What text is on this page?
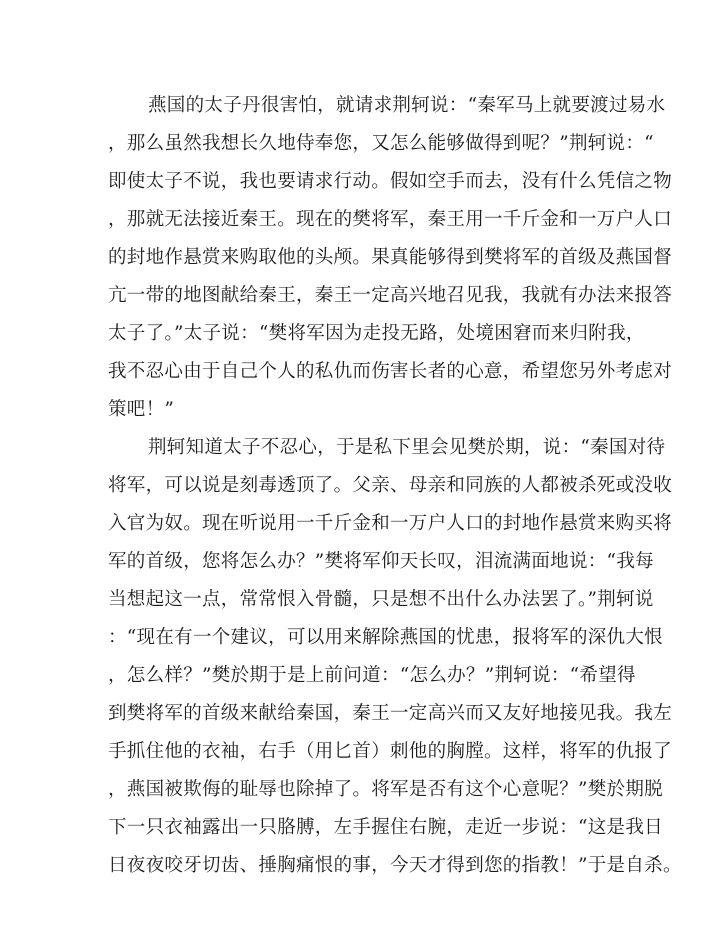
燕国的太子丹很害怕，就请求荆轲说：“秦军马上就要渡过易水
，那么虽然我想长久地侍奉您，又怎么能够做得到呢？”荆轲说：“
即使太子不说，我也要请求行动。假如空手而去，没有什么凭信之物
，那就无法接近秦王。现在的樊将军，秦王用一千斤金和一万户人口
的封地作悬赏来购取他的头颅。果真能够得到樊将军的首级及燕国督
亢一带的地图献给秦王，秦王一定高兴地召见我，我就有办法来报答
太子了。”太子说：“樊将军因为走投无路，处境困窘而来归附我，
我不忍心由于自己个人的私仇而伤害长者的心意，希望您另外考虑对
策吧！”
荆轲知道太子不忍心，于是私下里会见樊於期，说：“秦国对待
将军，可以说是刻毒透顶了。父亲、母亲和同族的人都被杀死或没收
入官为奴。现在听说用一千斤金和一万户人口的封地作悬赏来购买将
军的首级，您将怎么办？”樊将军仰天长叹，泪流满面地说：“我每
当想起这一点，常常恨入骨髓，只是想不出什么办法罢了。”荆轲说
：“现在有一个建议，可以用来解除燕国的忧患，报将军的深仇大恨
，怎么样？”樊於期于是上前问道：“怎么办？”荆轲说：“希望得
到樊将军的首级来献给秦国，秦王一定高兴而又友好地接见我。我左
手抓住他的衣袖，右手（用匕首）刺他的胸膛。这样，将军的仇报了
，燕国被欺侮的耻辱也除掉了。将军是否有这个心意呢？”樊於期脱
下一只衣袖露出一只胳膊，左手握住右腕，走近一步说：“这是我日
日夜夜咬牙切齿、捶胸痛恨的事，今天才得到您的指教！”于是自杀。
